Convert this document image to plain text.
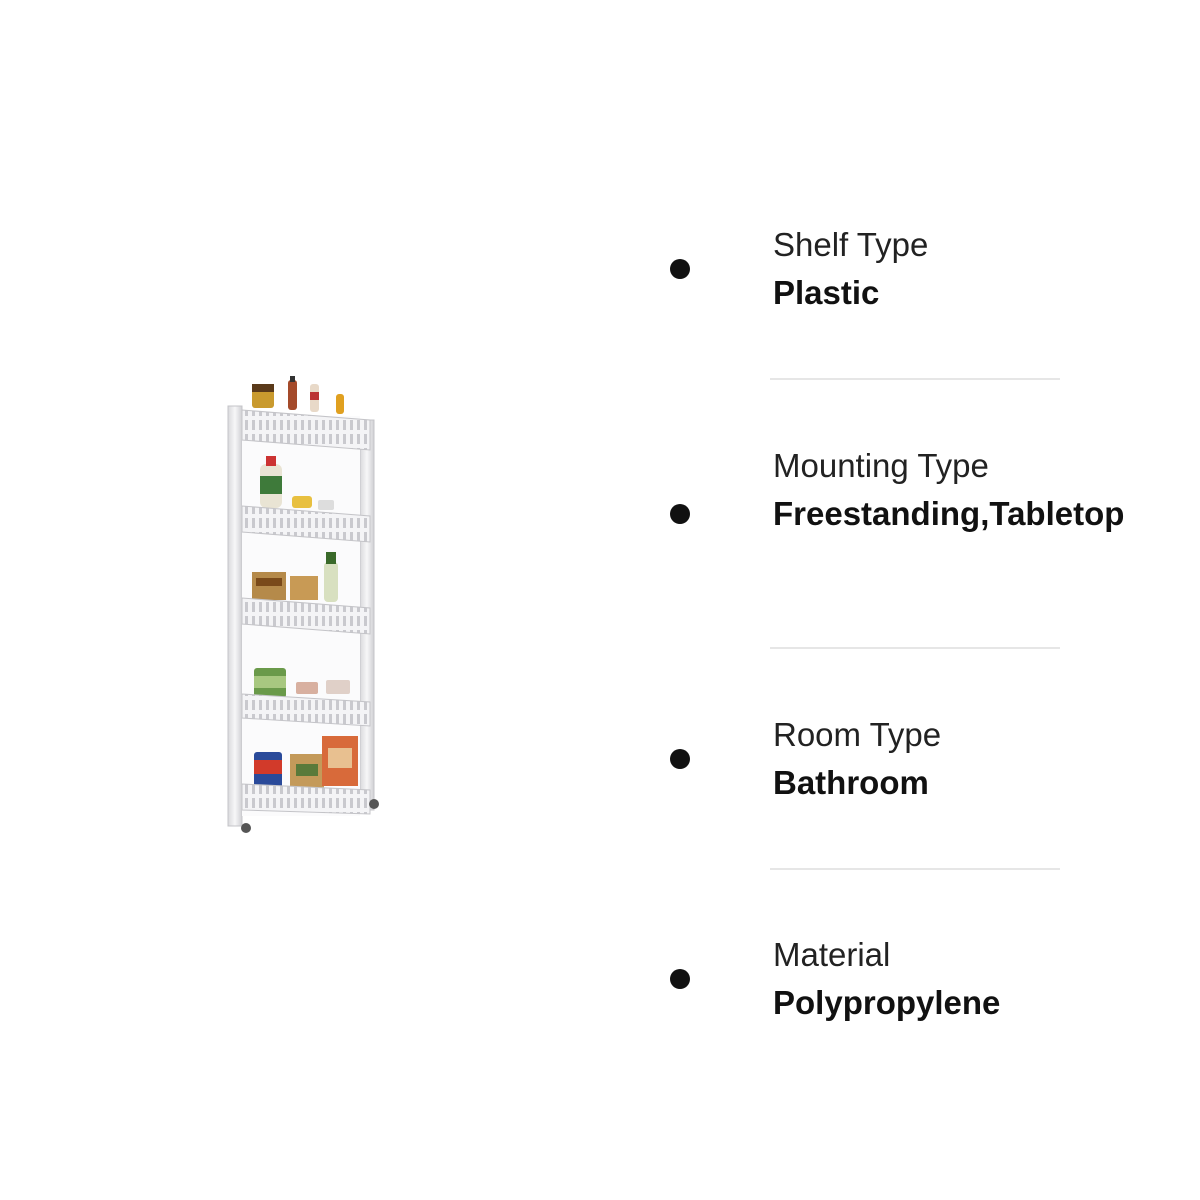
Shelf Type
Plastic
Mounting Type
Freestanding,Tabletop
Room Type
Bathroom
Material
Polypropylene
